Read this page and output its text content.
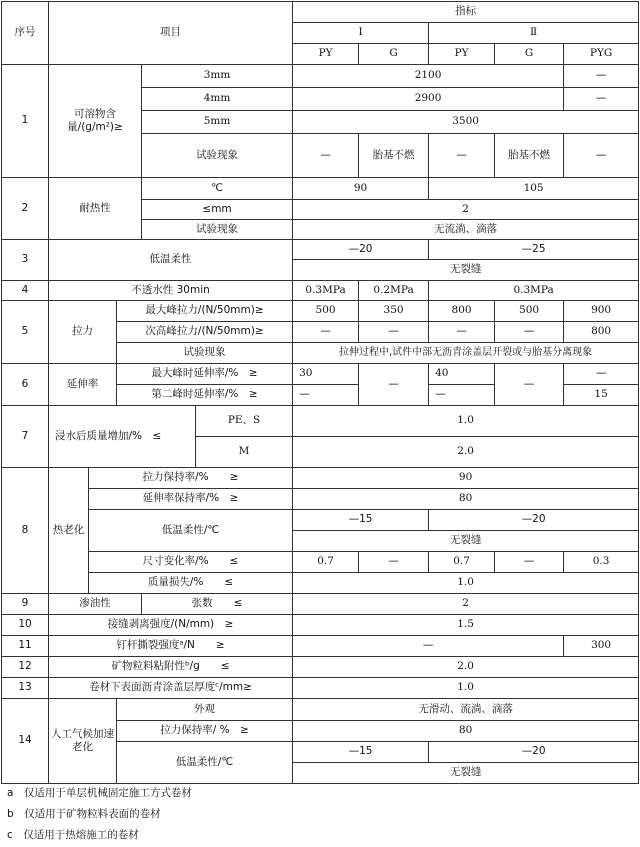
序号	项目					指标				
						I		Ⅱ		
						PY	G	PY	G	PYG
1	可溶物含量/(g/m²)≥			3mm		2100				—
				4mm		2900				—
				5mm		3500				
				试验现象		—	胎基不燃	—	胎基不燃	—
2	耐热性			℃		90		105		
				≤mm		2				
				试验现象		无流淌、滴落				
3	低温柔性					—20		—25		
						无裂缝				
4	不透水性 30min					0.3MPa	0.2MPa	0.3MPa		
5	拉力		最大峰拉力/(N/50mm)≥			500	350	800	500	900
			次高峰拉力/(N/50mm)≥			—	—	—	—	800
			试验现象			拉伸过程中,试件中部无沥青涂盖层开裂或与胎基分离现象				
6	延伸率		最大峰时延伸率/%　≥			30	—	40	—	—
			第二峰时延伸率/%　≥			—		—		15
7	浸水后质量增加/%　≤				PE、S	1.0				
					M	2.0				
8	热老化	拉力保持率/%　　≥				90				
		延伸率保持率/%　≥				80				
		低温柔性/℃				—15		—20		
						无裂缝				
		尺寸变化率/%　　≤				0.7	—	0.7	—	0.3
		质量损失/%　　≤				1.0				
9	渗油性			张数　　≤		2				
10	接缝剥离强度/(N/mm)　≥					1.5				
11	钉杆撕裂强度ᵃ/N　　≥					—				300
12	矿物粒料粘附性ᵇ/g　　≤					2.0				
13	卷材下表面沥青涂盖层厚度ᶜ/mm≥					1.0				
14	人工气候加速老化		外观			无滑动、流淌、滴落				
			拉力保持率/ %　≥			80				
			低温柔性/℃			—15		—20		
						无裂缝				
a　仅适用于单层机械固定施工方式卷材
b　仅适用于矿物粒料表面的卷材
c　仅适用于热熔施工的卷材
